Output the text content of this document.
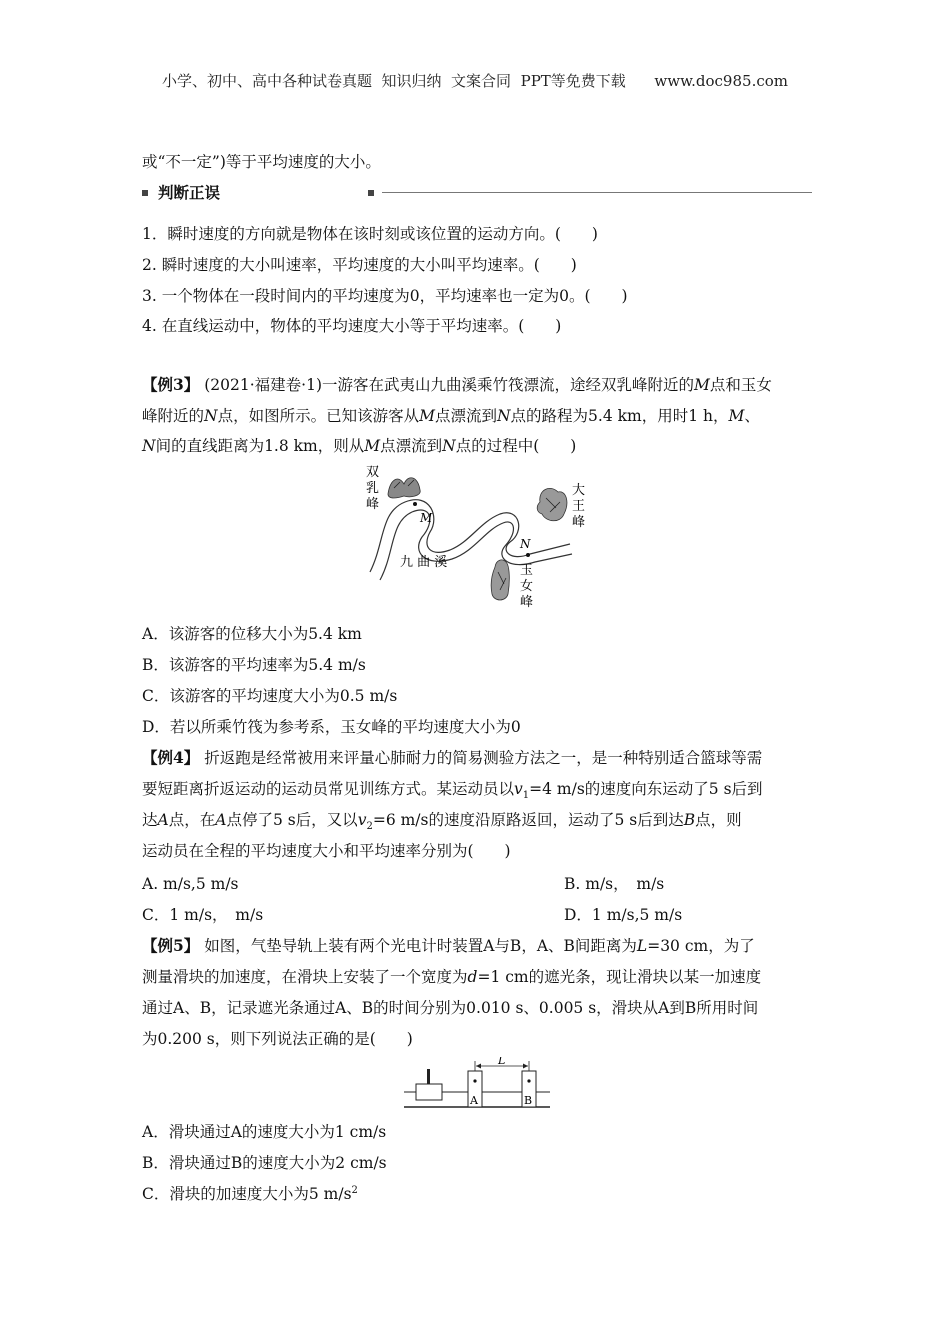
小学、初中、高中各种试卷真题  知识归纳  文案合同  PPT等免费下载      www.doc985.com
或“不一定”)等于平均速度的大小。
判断正误
1．瞬时速度的方向就是物体在该时刻或该位置的运动方向。(　　)
2. 瞬时速度的大小叫速率，平均速度的大小叫平均速率。(　　)
3. 一个物体在一段时间内的平均速度为0，平均速率也一定为0。(　　)
4. 在直线运动中，物体的平均速度大小等于平均速率。(　　)
【例3】 (2021·福建卷·1)一游客在武夷山九曲溪乘竹筏漂流，途经双乳峰附近的M点和玉女
峰附近的N点，如图所示。已知该游客从M点漂流到N点的路程为5.4 km，用时1 h，M、
N间的直线距离为1.8 km，则从M点漂流到N点的过程中(　　)
双乳峰
大王峰
玉女峰
九 曲 溪
M
N
A．该游客的位移大小为5.4 km
B．该游客的平均速率为5.4 m/s
C．该游客的平均速度大小为0.5 m/s
D．若以所乘竹筏为参考系，玉女峰的平均速度大小为0
【例4】 折返跑是经常被用来评量心肺耐力的简易测验方法之一，是一种特别适合篮球等需
要短距离折返运动的运动员常见训练方式。某运动员以$v_1=4$ m/s的速度向东运动了5 s后到
达A点，在A点停了5 s后，又以$v_2=6$ m/s的速度沿原路返回，运动了5 s后到达B点，则
运动员在全程的平均速度大小和平均速率分别为(　　)
A. m/s,5 m/s	B. m/s，　m/s
C．1 m/s，　m/s	D．1 m/s,5 m/s
【例5】 如图，气垫导轨上装有两个光电计时装置A与B，A、B间距离为L=30 cm，为了
测量滑块的加速度，在滑块上安装了一个宽度为d=1 cm的遮光条，现让滑块以某一加速度
通过A、B，记录遮光条通过A、B的时间分别为0.010 s、0.005 s，滑块从A到B所用时间
为0.200 s，则下列说法正确的是(　　)
L
A	B
A．滑块通过A的速度大小为1 cm/s
B．滑块通过B的速度大小为2 cm/s
C．滑块的加速度大小为5 $m/s^2$
